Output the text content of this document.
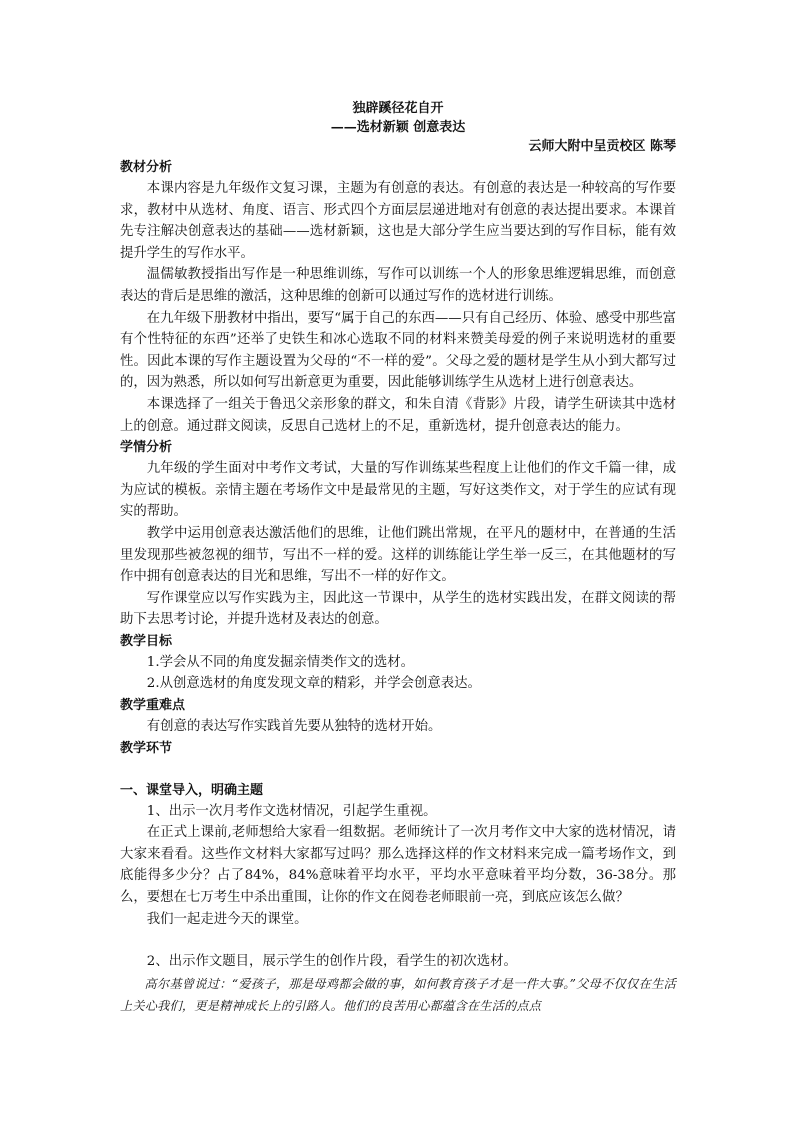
独辟蹊径花自开
——选材新颖 创意表达
云师大附中呈贡校区 陈琴
教材分析

本课内容是九年级作文复习课，主题为有创意的表达。有创意的表达是一种较高的写作要求，教材中从选材、角度、语言、形式四个方面层层递进地对有创意的表达提出要求。本课首先专注解决创意表达的基础——选材新颖，这也是大部分学生应当要达到的写作目标，能有效提升学生的写作水平。

温儒敏教授指出写作是一种思维训练，写作可以训练一个人的形象思维逻辑思维，而创意表达的背后是思维的激活，这种思维的创新可以通过写作的选材进行训练。

在九年级下册教材中指出，要写“属于自己的东西——只有自己经历、体验、感受中那些富有个性特征的东西”还举了史铁生和冰心选取不同的材料来赞美母爱的例子来说明选材的重要性。因此本课的写作主题设置为父母的“不一样的爱”。父母之爱的题材是学生从小到大都写过的，因为熟悉，所以如何写出新意更为重要，因此能够训练学生从选材上进行创意表达。

本课选择了一组关于鲁迅父亲形象的群文，和朱自清《背影》片段，请学生研读其中选材上的创意。通过群文阅读，反思自己选材上的不足，重新选材，提升创意表达的能力。

学情分析

九年级的学生面对中考作文考试，大量的写作训练某些程度上让他们的作文千篇一律，成为应试的模板。亲情主题在考场作文中是最常见的主题，写好这类作文，对于学生的应试有现实的帮助。

教学中运用创意表达激活他们的思维，让他们跳出常规，在平凡的题材中，在普通的生活里发现那些被忽视的细节，写出不一样的爱。这样的训练能让学生举一反三，在其他题材的写作中拥有创意表达的目光和思维，写出不一样的好作文。

写作课堂应以写作实践为主，因此这一节课中，从学生的选材实践出发，在群文阅读的帮助下去思考讨论，并提升选材及表达的创意。

教学目标

1.学会从不同的角度发掘亲情类作文的选材。

2.从创意选材的角度发现文章的精彩，并学会创意表达。

教学重难点

有创意的表达写作实践首先要从独特的选材开始。

教学环节
一、课堂导入，明确主题

1、出示一次月考作文选材情况，引起学生重视。

在正式上课前,老师想给大家看一组数据。老师统计了一次月考作文中大家的选材情况，请大家来看看。这些作文材料大家都写过吗？那么选择这样的作文材料来完成一篇考场作文，到底能得多少分？占了84%，84%意味着平均水平，平均水平意味着平均分数，36-38分。那么，要想在七万考生中杀出重围，让你的作文在阅卷老师眼前一亮，到底应该怎么做？

我们一起走进今天的课堂。

2、出示作文题目，展示学生的创作片段，看学生的初次选材。

高尔基曾说过：“爱孩子，那是母鸡都会做的事，如何教育孩子才是一件大事。”父母不仅仅在生活上关心我们，更是精神成长上的引路人。他们的良苦用心都蕴含在生活的点点
